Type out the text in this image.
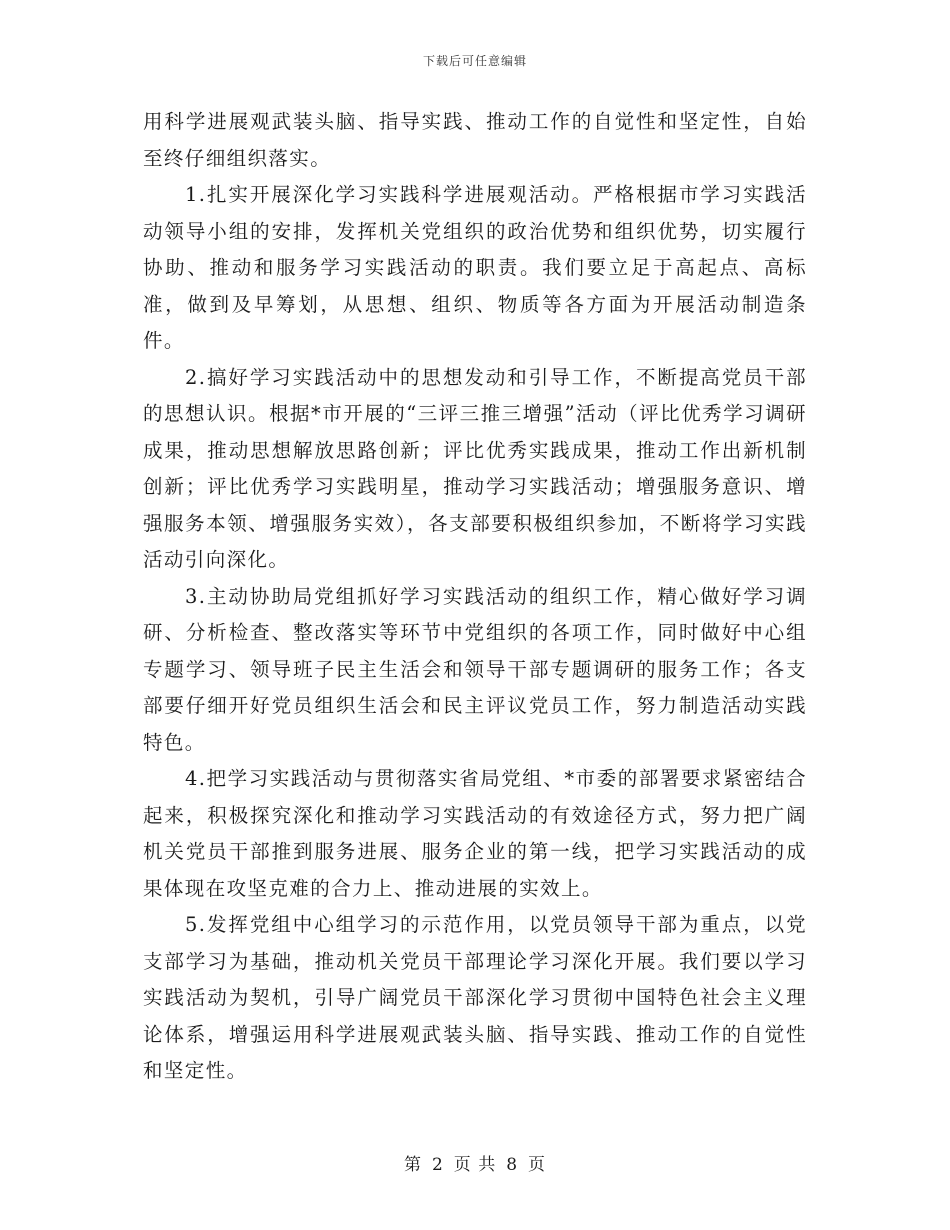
下载后可任意编辑

用科学进展观武装头脑、指导实践、推动工作的自觉性和坚定性，自始至终仔细组织落实。

1.扎实开展深化学习实践科学进展观活动。严格根据市学习实践活动领导小组的安排，发挥机关党组织的政治优势和组织优势，切实履行协助、推动和服务学习实践活动的职责。我们要立足于高起点、高标准，做到及早筹划，从思想、组织、物质等各方面为开展活动制造条件。

2.搞好学习实践活动中的思想发动和引导工作，不断提高党员干部的思想认识。根据*市开展的“三评三推三增强”活动（评比优秀学习调研成果，推动思想解放思路创新；评比优秀实践成果，推动工作出新机制创新；评比优秀学习实践明星，推动学习实践活动；增强服务意识、增强服务本领、增强服务实效），各支部要积极组织参加，不断将学习实践活动引向深化。

3.主动协助局党组抓好学习实践活动的组织工作，精心做好学习调研、分析检查、整改落实等环节中党组织的各项工作，同时做好中心组专题学习、领导班子民主生活会和领导干部专题调研的服务工作；各支部要仔细开好党员组织生活会和民主评议党员工作，努力制造活动实践特色。

4.把学习实践活动与贯彻落实省局党组、*市委的部署要求紧密结合起来，积极探究深化和推动学习实践活动的有效途径方式，努力把广阔机关党员干部推到服务进展、服务企业的第一线，把学习实践活动的成果体现在攻坚克难的合力上、推动进展的实效上。

5.发挥党组中心组学习的示范作用，以党员领导干部为重点，以党支部学习为基础，推动机关党员干部理论学习深化开展。我们要以学习实践活动为契机，引导广阔党员干部深化学习贯彻中国特色社会主义理论体系，增强运用科学进展观武装头脑、指导实践、推动工作的自觉性和坚定性。

第 2 页 共 8 页
